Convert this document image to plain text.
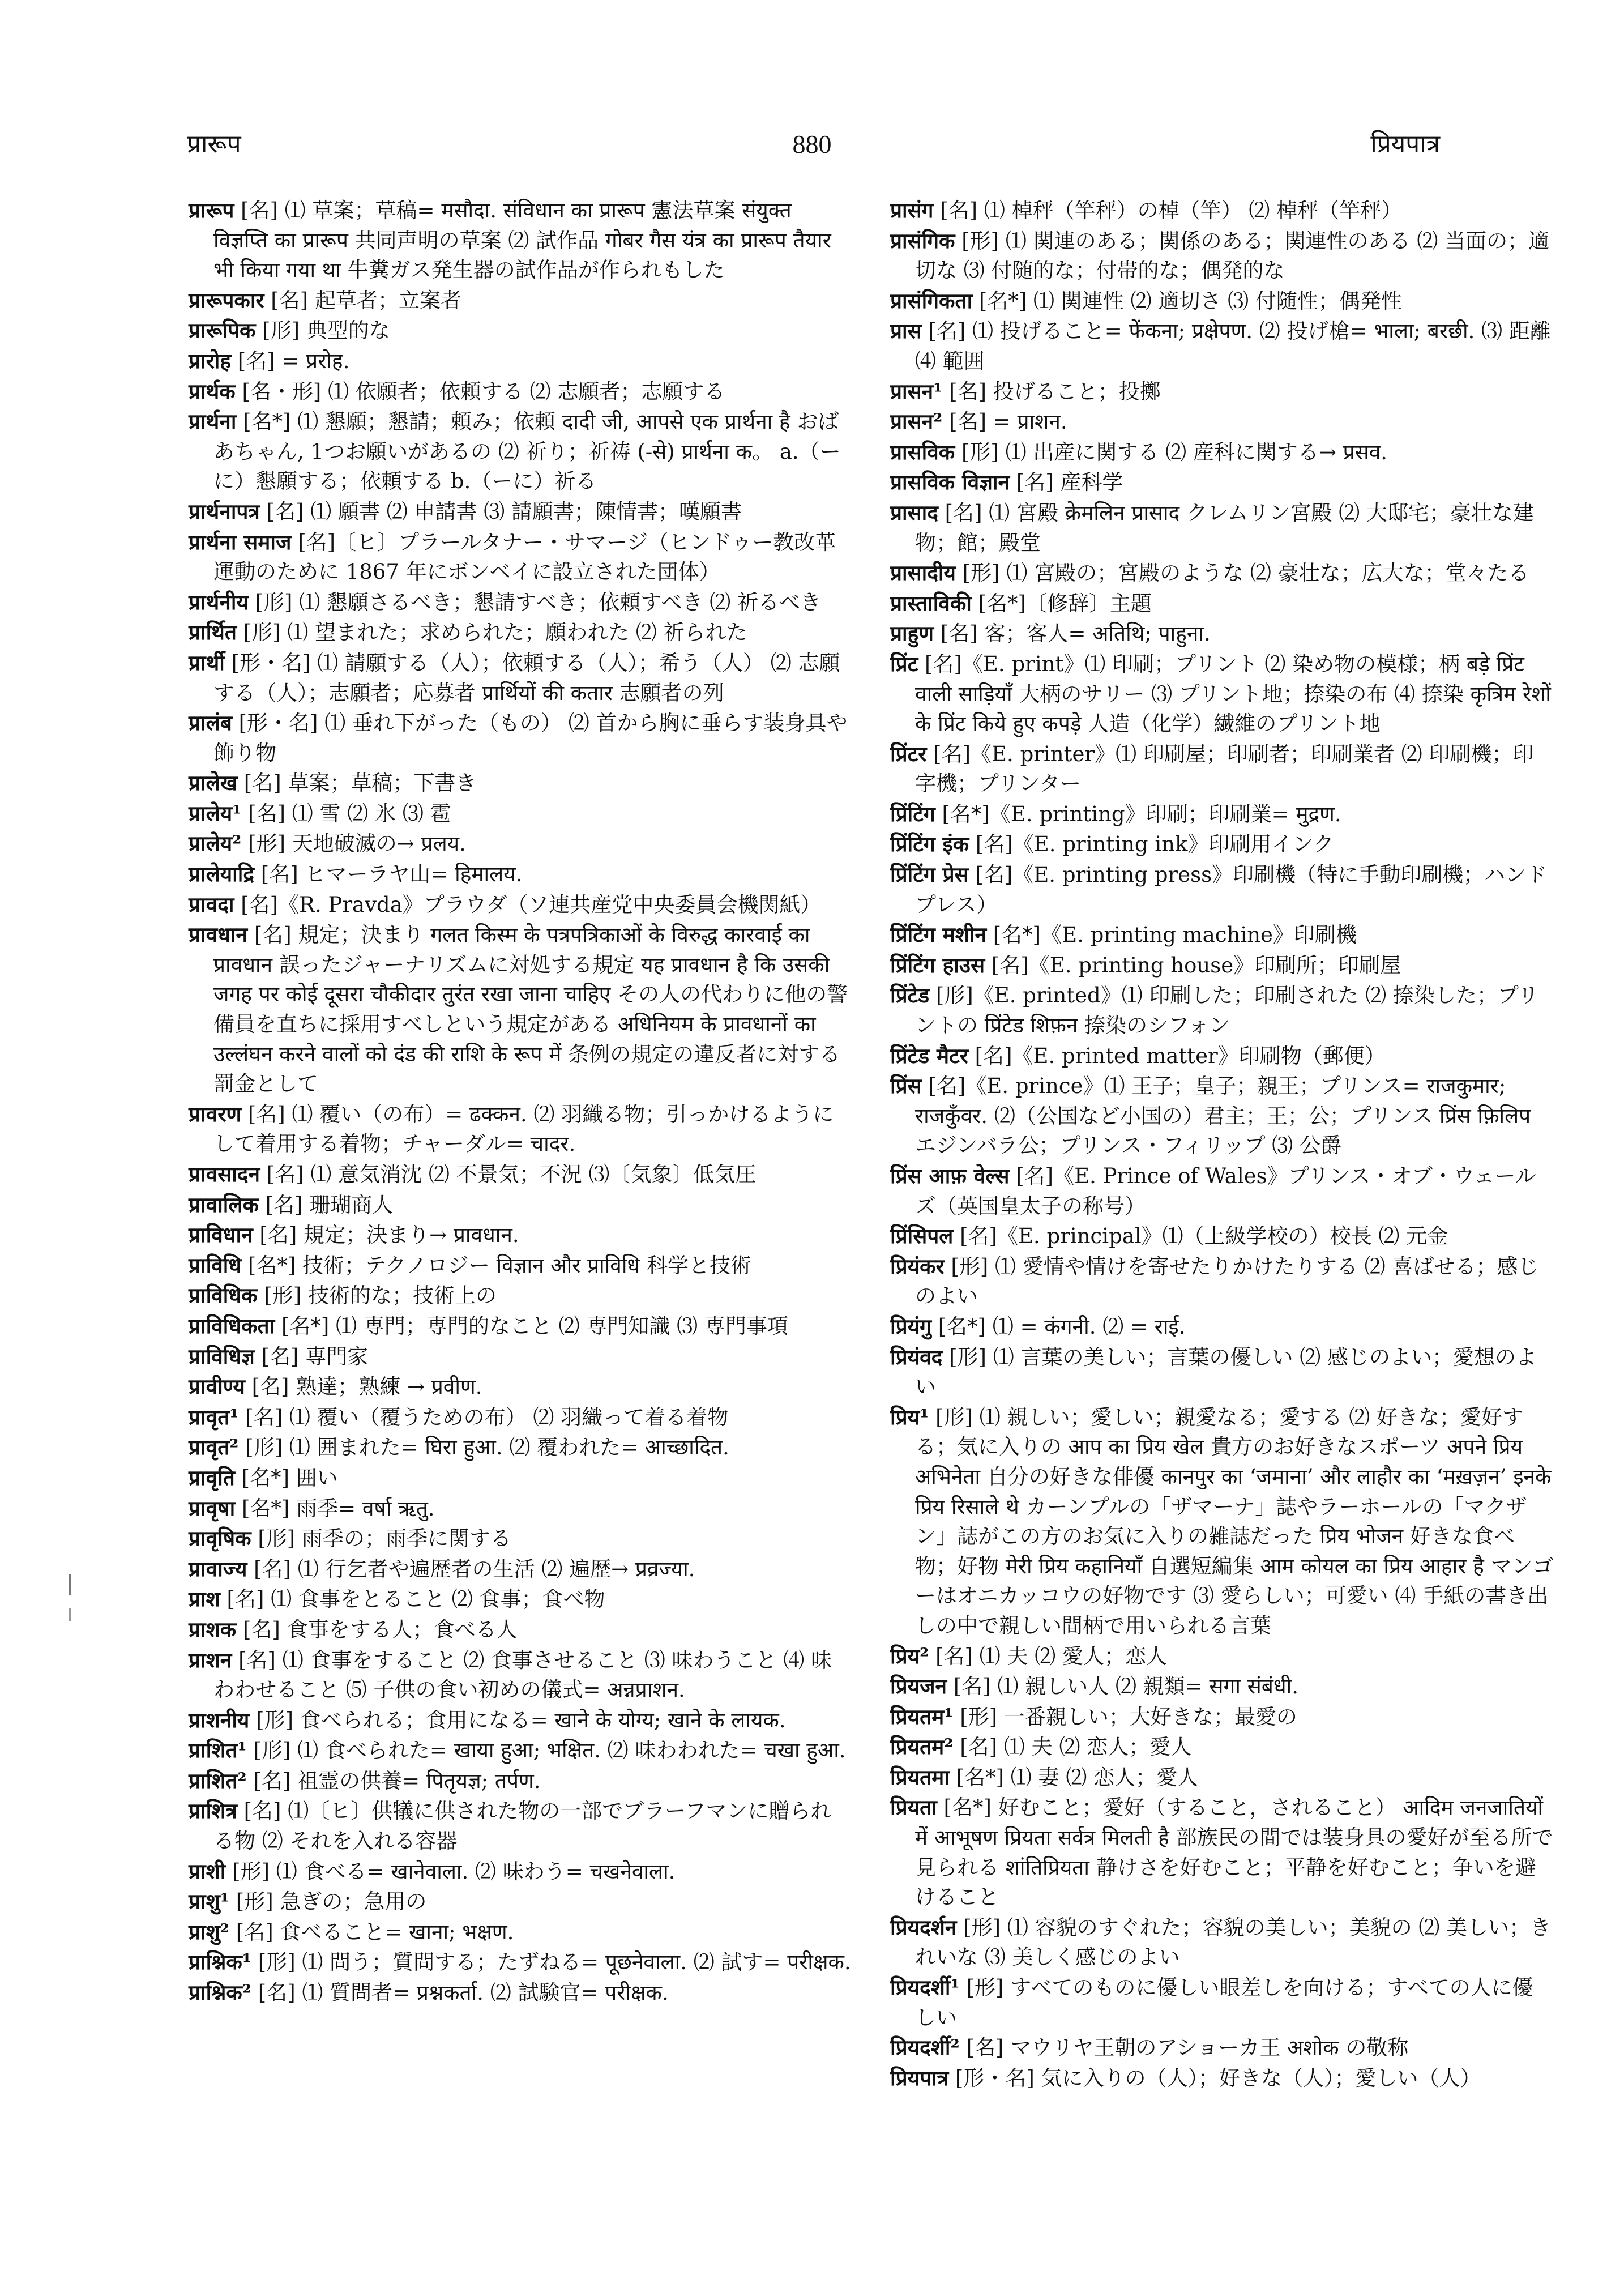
प्रारूप	880	प्रियपात्र
प्रारूप [名] ⑴ 草案；草稿= मसौदा. संविधान का प्रारूप 憲法草案 संयुक्त विज्ञप्ति का प्रारूप 共同声明の草案 ⑵ 試作品 गोबर गैस यंत्र का प्रारूप तैयार भी किया गया था 牛糞ガス発生器の試作品が作られもした
प्रारूपकार [名] 起草者；立案者
प्रारूपिक [形] 典型的な
प्रारोह [名] = प्ररोह.
प्रार्थक [名・形] ⑴ 依願者；依頼する ⑵ 志願者；志願する
प्रार्थना [名*] ⑴ 懇願；懇請；頼み；依頼 दादी जी, आपसे एक प्रार्थना है おばあちゃん, 1つお願いがあるの ⑵ 祈り；祈祷 (-से) प्रार्थना क。 a.（ーに）懇願する；依頼する b.（ーに）祈る
प्रार्थनापत्र [名] ⑴ 願書 ⑵ 申請書 ⑶ 請願書；陳情書；嘆願書
प्रार्थना समाज [名]〔ヒ〕プラールタナー・サマージ（ヒンドゥー教改革運動のために 1867 年にボンベイに設立された団体）
प्रार्थनीय [形] ⑴ 懇願さるべき；懇請すべき；依頼すべき ⑵ 祈るべき
प्रार्थित [形] ⑴ 望まれた；求められた；願われた ⑵ 祈られた
प्रार्थी [形・名] ⑴ 請願する（人）；依頼する（人）；希う（人） ⑵ 志願する（人）；志願者；応募者 प्रार्थियों की कतार 志願者の列
प्रालंब [形・名] ⑴ 垂れ下がった（もの） ⑵ 首から胸に垂らす装身具や飾り物
प्रालेख [名] 草案；草稿；下書き
प्रालेय¹ [名] ⑴ 雪 ⑵ 氷 ⑶ 雹
प्रालेय² [形] 天地破滅の→ प्रलय.
प्रालेयाद्रि [名] ヒマーラヤ山= हिमालय.
प्रावदा [名]《R. Pravda》プラウダ（ソ連共産党中央委員会機関紙）
प्रावधान [名] 規定；決まり गलत किस्म के पत्रपत्रिकाओं के विरुद्ध कारवाई का प्रावधान 誤ったジャーナリズムに対処する規定 यह प्रावधान है कि उसकी जगह पर कोई दूसरा चौकीदार तुरंत रखा जाना चाहिए その人の代わりに他の警備員を直ちに採用すべしという規定がある अधिनियम के प्रावधानों का उल्लंघन करने वालों को दंड की राशि के रूप में 条例の規定の違反者に対する罰金として
प्रावरण [名] ⑴ 覆い（の布）= ढक्कन. ⑵ 羽織る物；引っかけるようにして着用する着物；チャーダル= चादर.
प्रावसादन [名] ⑴ 意気消沈 ⑵ 不景気；不況 ⑶〔気象〕低気圧
प्रावालिक [名] 珊瑚商人
प्राविधान [名] 規定；決まり→ प्रावधान.
प्राविधि [名*] 技術；テクノロジー विज्ञान और प्राविधि 科学と技術
प्राविधिक [形] 技術的な；技術上の
प्राविधिकता [名*] ⑴ 専門；専門的なこと ⑵ 専門知識 ⑶ 専門事項
प्राविधिज्ञ [名] 専門家
प्रावीण्य [名] 熟達；熟練 → प्रवीण.
प्रावृत¹ [名] ⑴ 覆い（覆うための布） ⑵ 羽織って着る着物
प्रावृत² [形] ⑴ 囲まれた= घिरा हुआ. ⑵ 覆われた= आच्छादित.
प्रावृति [名*] 囲い
प्रावृषा [名*] 雨季= वर्षा ऋतु.
प्रावृषिक [形] 雨季の；雨季に関する
प्रावाज्य [名] ⑴ 行乞者や遍歴者の生活 ⑵ 遍歴→ प्रव्रज्या.
प्राश [名] ⑴ 食事をとること ⑵ 食事；食べ物
प्राशक [名] 食事をする人；食べる人
प्राशन [名] ⑴ 食事をすること ⑵ 食事させること ⑶ 味わうこと ⑷ 味わわせること ⑸ 子供の食い初めの儀式= अन्नप्राशन.
प्राशनीय [形] 食べられる；食用になる= खाने के योग्य; खाने के लायक.
प्राशित¹ [形] ⑴ 食べられた= खाया हुआ; भक्षित. ⑵ 味わわれた= चखा हुआ.
प्राशित² [名] 祖霊の供養= पितृयज्ञ; तर्पण.
प्राशित्र [名] ⑴〔ヒ〕供犠に供された物の一部でブラーフマンに贈られる物 ⑵ それを入れる容器
प्राशी [形] ⑴ 食べる= खानेवाला. ⑵ 味わう= चखनेवाला.
प्राशु¹ [形] 急ぎの；急用の
प्राशु² [名] 食べること= खाना; भक्षण.
प्राश्निक¹ [形] ⑴ 問う；質問する；たずねる= पूछनेवाला. ⑵ 試す= परीक्षक.
प्राश्निक² [名] ⑴ 質問者= प्रश्नकर्ता. ⑵ 試験官= परीक्षक.
प्रासंग [名] ⑴ 棹秤（竿秤）の棹（竿） ⑵ 棹秤（竿秤）
प्रासंगिक [形] ⑴ 関連のある；関係のある；関連性のある ⑵ 当面の；適切な ⑶ 付随的な；付帯的な；偶発的な
प्रासंगिकता [名*] ⑴ 関連性 ⑵ 適切さ ⑶ 付随性；偶発性
प्रास [名] ⑴ 投げること= फेंकना; प्रक्षेपण. ⑵ 投げ槍= भाला; बरछी. ⑶ 距離 ⑷ 範囲
प्रासन¹ [名] 投げること；投擲
प्रासन² [名] = प्राशन.
प्रासविक [形] ⑴ 出産に関する ⑵ 産科に関する→ प्रसव.
प्रासविक विज्ञान [名] 産科学
प्रासाद [名] ⑴ 宮殿 क्रेमलिन प्रासाद クレムリン宮殿 ⑵ 大邸宅；豪壮な建物；館；殿堂
प्रासादीय [形] ⑴ 宮殿の；宮殿のような ⑵ 豪壮な；広大な；堂々たる
प्रास्ताविकी [名*]〔修辞〕主題
प्राहुण [名] 客；客人= अतिथि; पाहुना.
प्रिंट [名]《E. print》⑴ 印刷；プリント ⑵ 染め物の模様；柄 बड़े प्रिंट वाली साड़ियाँ 大柄のサリー ⑶ プリント地；捺染の布 ⑷ 捺染 कृत्रिम रेशों के प्रिंट किये हुए कपड़े 人造（化学）繊維のプリント地
प्रिंटर [名]《E. printer》⑴ 印刷屋；印刷者；印刷業者 ⑵ 印刷機；印字機；プリンター
प्रिंटिंग [名*]《E. printing》印刷；印刷業= मुद्रण.
प्रिंटिंग इंक [名]《E. printing ink》印刷用インク
प्रिंटिंग प्रेस [名]《E. printing press》印刷機（特に手動印刷機；ハンドプレス）
प्रिंटिंग मशीन [名*]《E. printing machine》印刷機
प्रिंटिंग हाउस [名]《E. printing house》印刷所；印刷屋
प्रिंटेड [形]《E. printed》⑴ 印刷した；印刷された ⑵ 捺染した；プリントの प्रिंटेड शिफ़न 捺染のシフォン
प्रिंटेड मैटर [名]《E. printed matter》印刷物（郵便）
प्रिंस [名]《E. prince》⑴ 王子；皇子；親王；プリンス= राजकुमार; राजकुँवर. ⑵（公国など小国の）君主；王；公；プリンス प्रिंस फ़िलिप エジンバラ公；プリンス・フィリップ ⑶ 公爵
प्रिंस आफ़ वेल्स [名]《E. Prince of Wales》プリンス・オブ・ウェールズ（英国皇太子の称号）
प्रिंसिपल [名]《E. principal》⑴（上級学校の）校長 ⑵ 元金
प्रियंकर [形] ⑴ 愛情や情けを寄せたりかけたりする ⑵ 喜ばせる；感じのよい
प्रियंगु [名*] ⑴ = कंगनी. ⑵ = राई.
प्रियंवद [形] ⑴ 言葉の美しい；言葉の優しい ⑵ 感じのよい；愛想のよい
प्रिय¹ [形] ⑴ 親しい；愛しい；親愛なる；愛する ⑵ 好きな；愛好する；気に入りの आप का प्रिय खेल 貴方のお好きなスポーツ अपने प्रिय अभिनेता 自分の好きな俳優 कानपुर का ‘जमाना’ और लाहौर का ‘मख़ज़न’ इनके प्रिय रिसाले थे カーンプルの「ザマーナ」誌やラーホールの「マクザン」誌がこの方のお気に入りの雑誌だった प्रिय भोजन 好きな食べ物；好物 मेरी प्रिय कहानियाँ 自選短編集 आम कोयल का प्रिय आहार है マンゴーはオニカッコウの好物です ⑶ 愛らしい；可愛い ⑷ 手紙の書き出しの中で親しい間柄で用いられる言葉
प्रिय² [名] ⑴ 夫 ⑵ 愛人；恋人
प्रियजन [名] ⑴ 親しい人 ⑵ 親類= सगा संबंधी.
प्रियतम¹ [形] 一番親しい；大好きな；最愛の
प्रियतम² [名] ⑴ 夫 ⑵ 恋人；愛人
प्रियतमा [名*] ⑴ 妻 ⑵ 恋人；愛人
प्रियता [名*] 好むこと；愛好（すること，されること） आदिम जनजातियों में आभूषण प्रियता सर्वत्र मिलती है 部族民の間では装身具の愛好が至る所で見られる शांतिप्रियता 静けさを好むこと；平静を好むこと；争いを避けること
प्रियदर्शन [形] ⑴ 容貌のすぐれた；容貌の美しい；美貌の ⑵ 美しい；きれいな ⑶ 美しく感じのよい
प्रियदर्शी¹ [形] すべてのものに優しい眼差しを向ける；すべての人に優しい
प्रियदर्शी² [名] マウリヤ王朝のアショーカ王 अशोक の敬称
प्रियपात्र [形・名] 気に入りの（人）；好きな（人）；愛しい（人）
